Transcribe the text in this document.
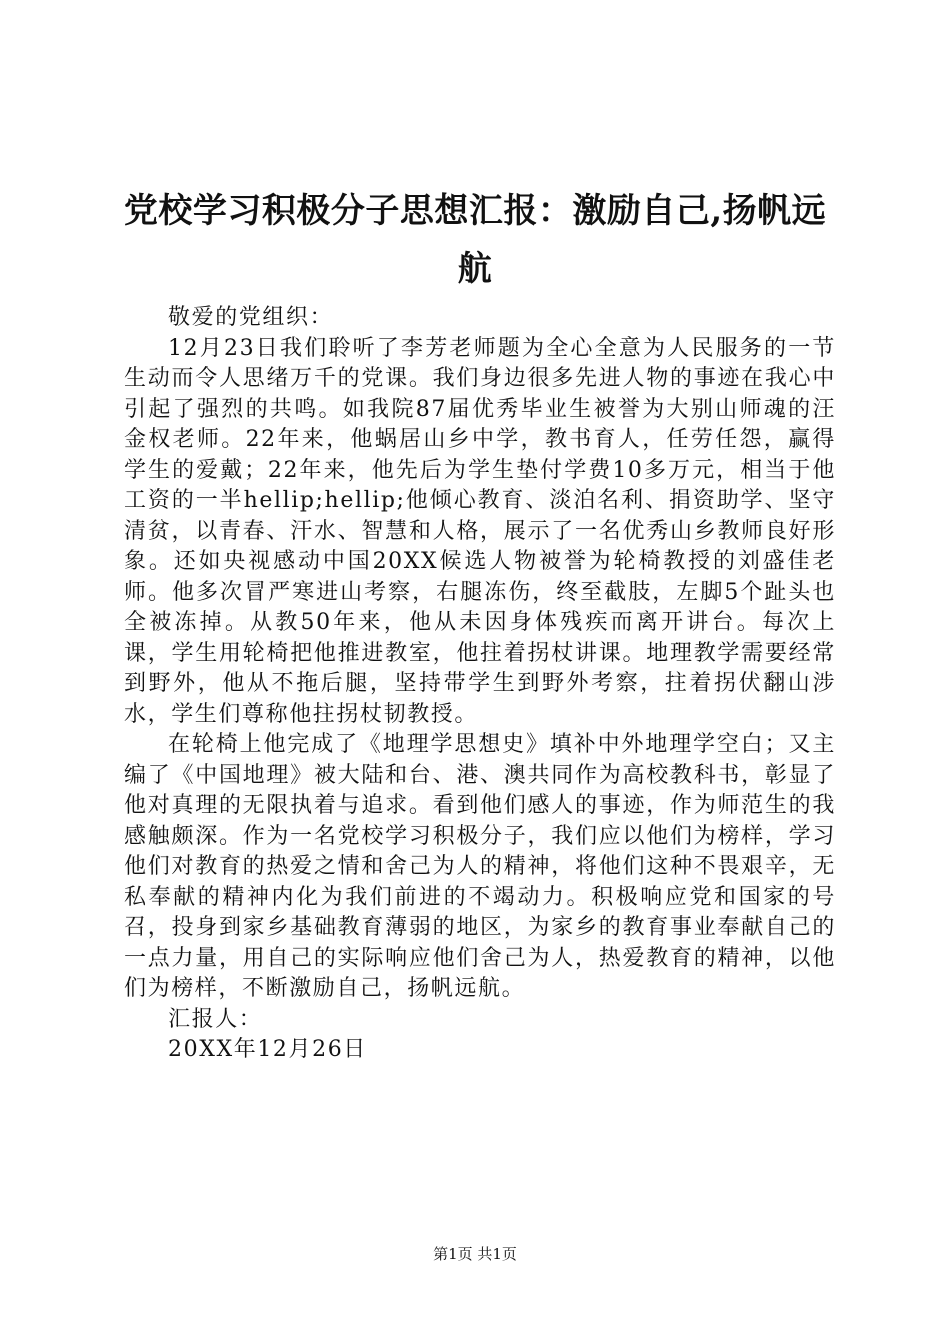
党校学习积极分子思想汇报：激励自己,扬帆远航

敬爱的党组织：

12月23日我们聆听了李芳老师题为全心全意为人民服务的一节生动而令人思绪万千的党课。我们身边很多先进人物的事迹在我心中引起了强烈的共鸣。如我院87届优秀毕业生被誉为大别山师魂的汪金权老师。22年来，他蜗居山乡中学，教书育人，任劳任怨，赢得学生的爱戴；22年来，他先后为学生垫付学费10多万元，相当于他工资的一半hellip;hellip;他倾心教育、淡泊名利、捐资助学、坚守清贫，以青春、汗水、智慧和人格，展示了一名优秀山乡教师良好形象。还如央视感动中国20XX候选人物被誉为轮椅教授的刘盛佳老师。他多次冒严寒进山考察，右腿冻伤，终至截肢，左脚5个趾头也全被冻掉。从教50年来，他从未因身体残疾而离开讲台。每次上课，学生用轮椅把他推进教室，他拄着拐杖讲课。地理教学需要经常到野外，他从不拖后腿，坚持带学生到野外考察，拄着拐伏翻山涉水，学生们尊称他拄拐杖韧教授。

在轮椅上他完成了《地理学思想史》填补中外地理学空白；又主编了《中国地理》被大陆和台、港、澳共同作为高校教科书，彰显了他对真理的无限执着与追求。看到他们感人的事迹，作为师范生的我感触颇深。作为一名党校学习积极分子，我们应以他们为榜样，学习他们对教育的热爱之情和舍己为人的精神，将他们这种不畏艰辛，无私奉献的精神内化为我们前进的不竭动力。积极响应党和国家的号召，投身到家乡基础教育薄弱的地区，为家乡的教育事业奉献自己的一点力量，用自己的实际响应他们舍己为人，热爱教育的精神，以他们为榜样，不断激励自己，扬帆远航。

汇报人：

20XX年12月26日

第1页 共1页
